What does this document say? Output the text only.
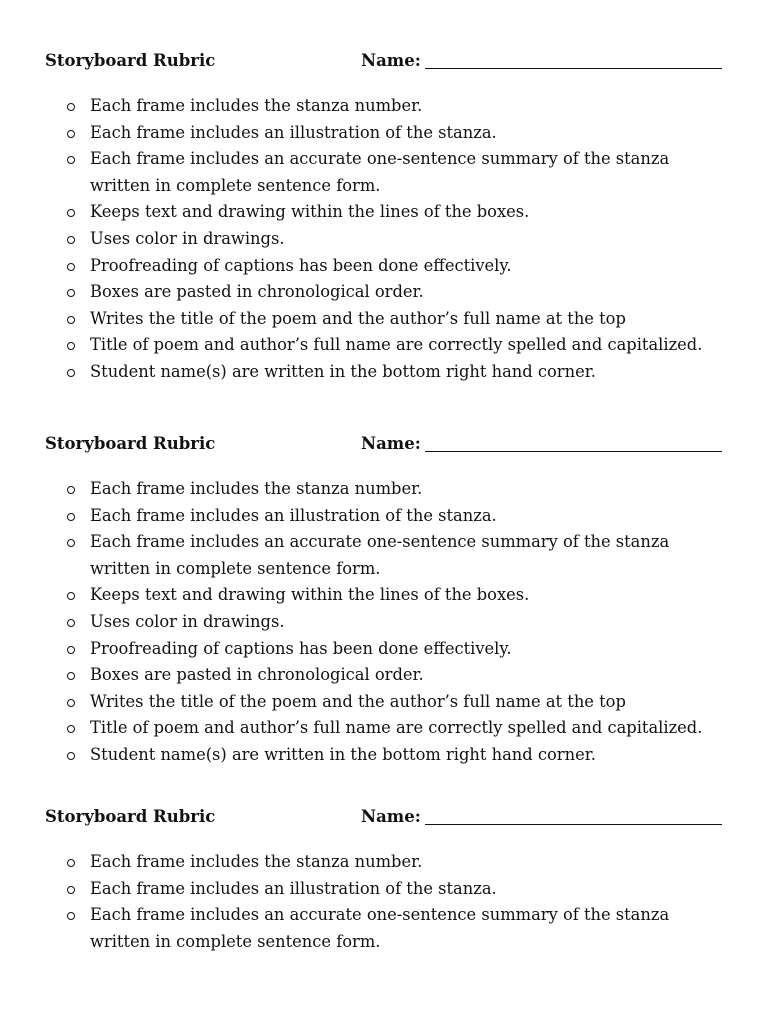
Storyboard Rubric	Name:
Each frame includes the stanza number.
Each frame includes an illustration of the stanza.
Each frame includes an accurate one-sentence summary of the stanza written in complete sentence form.
Keeps text and drawing within the lines of the boxes.
Uses color in drawings.
Proofreading of captions has been done effectively.
Boxes are pasted in chronological order.
Writes the title of the poem and the author’s full name at the top
Title of poem and author’s full name are correctly spelled and capitalized.
Student name(s) are written in the bottom right hand corner.
Storyboard Rubric	Name:
Each frame includes the stanza number.
Each frame includes an illustration of the stanza.
Each frame includes an accurate one-sentence summary of the stanza written in complete sentence form.
Keeps text and drawing within the lines of the boxes.
Uses color in drawings.
Proofreading of captions has been done effectively.
Boxes are pasted in chronological order.
Writes the title of the poem and the author’s full name at the top
Title of poem and author’s full name are correctly spelled and capitalized.
Student name(s) are written in the bottom right hand corner.
Storyboard Rubric	Name:
Each frame includes the stanza number.
Each frame includes an illustration of the stanza.
Each frame includes an accurate one-sentence summary of the stanza written in complete sentence form.
